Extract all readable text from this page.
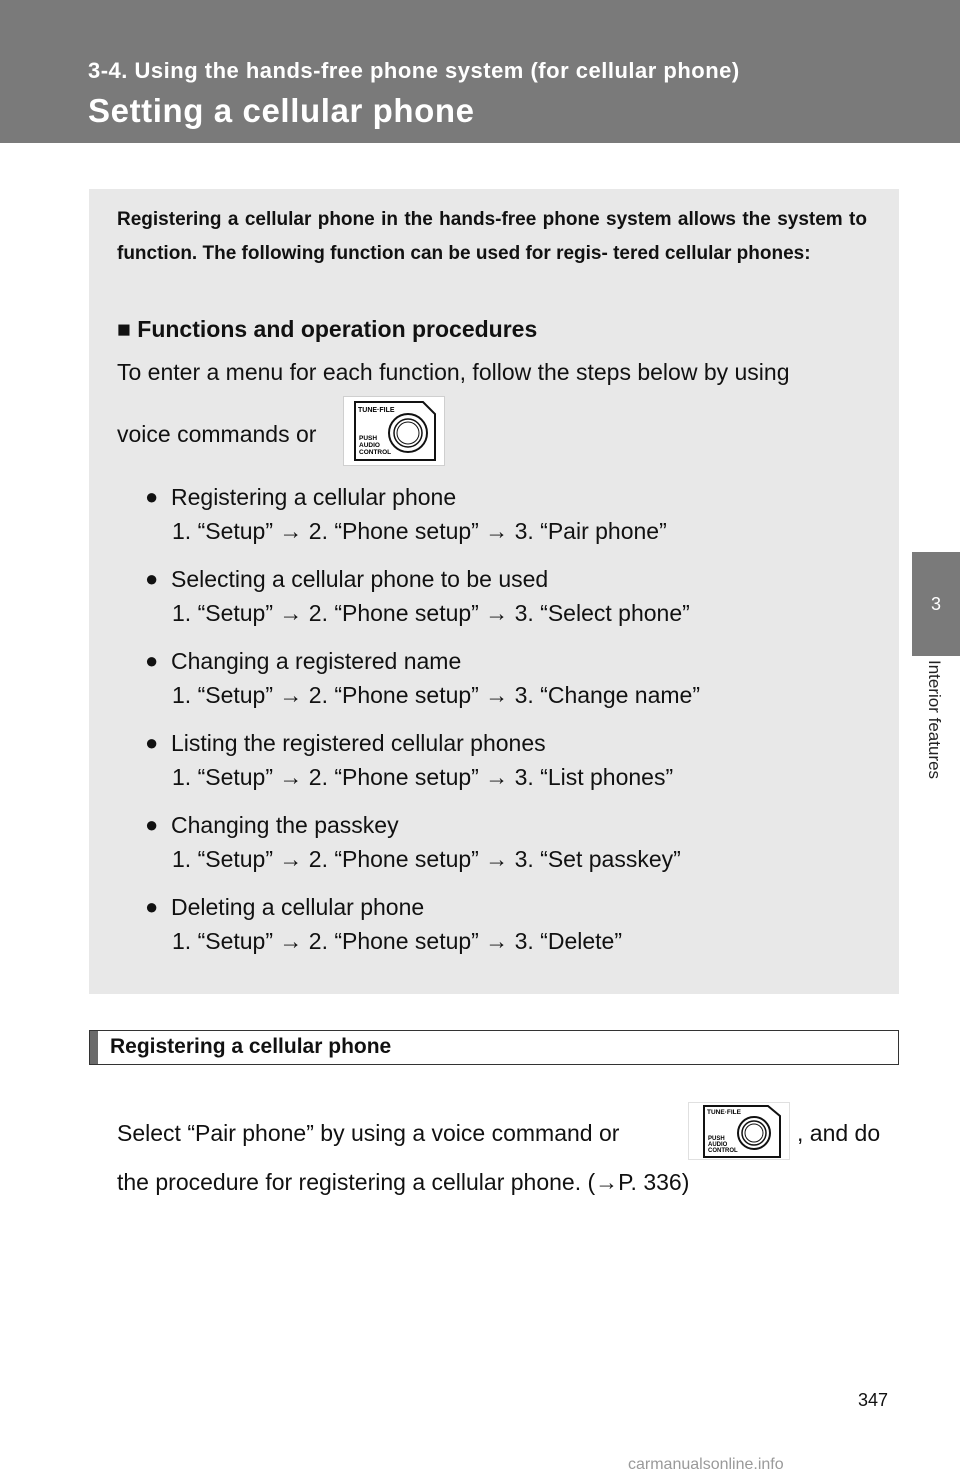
3-4. Using the hands-free phone system (for cellular phone)
Setting a cellular phone
3
Interior features
Registering a cellular phone in the hands-free phone system allows the system to function. The following function can be used for regis- tered cellular phones:
■ Functions and operation procedures
To enter a menu for each function, follow the steps below by using
voice commands or
TUNE·FILE
PUSH
AUDIO
CONTROL
● Registering a cellular phone
1. “Setup” → 2. “Phone setup” → 3. “Pair phone”
● Selecting a cellular phone to be used
1. “Setup” → 2. “Phone setup” → 3. “Select phone”
● Changing a registered name
1. “Setup” → 2. “Phone setup” → 3. “Change name”
● Listing the registered cellular phones
1. “Setup” → 2. “Phone setup” → 3. “List phones”
● Changing the passkey
1. “Setup” → 2. “Phone setup” → 3. “Set passkey”
● Deleting a cellular phone
1. “Setup” → 2. “Phone setup” → 3. “Delete”
Registering a cellular phone
Select “Pair phone” by using a voice command or
TUNE·FILE
PUSH
AUDIO
CONTROL
, and do
the procedure for registering a cellular phone. (→P. 336)
347
carmanualsonline.info
